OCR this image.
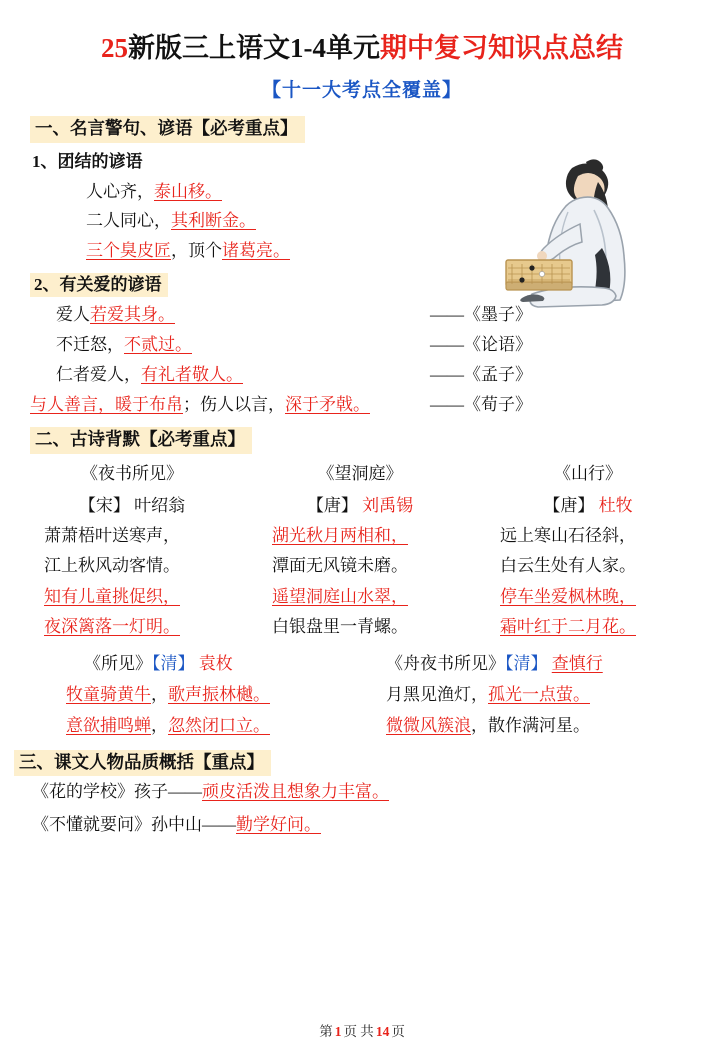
25新版三上语文1-4单元期中复习知识点总结
【十一大考点全覆盖】
一、名言警句、谚语【必考重点】
1、团结的谚语
人心齐，泰山移。
二人同心，其利断金。
三个臭皮匠，顶个诸葛亮。
2、有关爱的谚语
爱人若爱其身。	——《墨子》
不迁怒，不贰过。	——《论语》
仁者爱人，有礼者敬人。	——《孟子》
与人善言，暖于布帛；伤人以言，深于矛戟。	——《荀子》
二、古诗背默【必考重点】
《夜书所见》
【宋】 叶绍翁
萧萧梧叶送寒声，
江上秋风动客情。
知有儿童挑促织，
夜深篱落一灯明。
《望洞庭》
【唐】 刘禹锡
湖光秋月两相和，
潭面无风镜未磨。
遥望洞庭山水翠，
白银盘里一青螺。
《山行》
【唐】 杜牧
远上寒山石径斜，
白云生处有人家。
停车坐爱枫林晚，
霜叶红于二月花。
《所见》【清】 袁枚
牧童骑黄牛，歌声振林樾。
意欲捕鸣蝉，忽然闭口立。
《舟夜书所见》【清】 查慎行
月黑见渔灯，孤光一点萤。
微微风簇浪，散作满河星。
三、课文人物品质概括【重点】
《花的学校》孩子——顽皮活泼且想象力丰富。
《不懂就要问》孙中山——勤学好问。
第 1 页 共 14 页
